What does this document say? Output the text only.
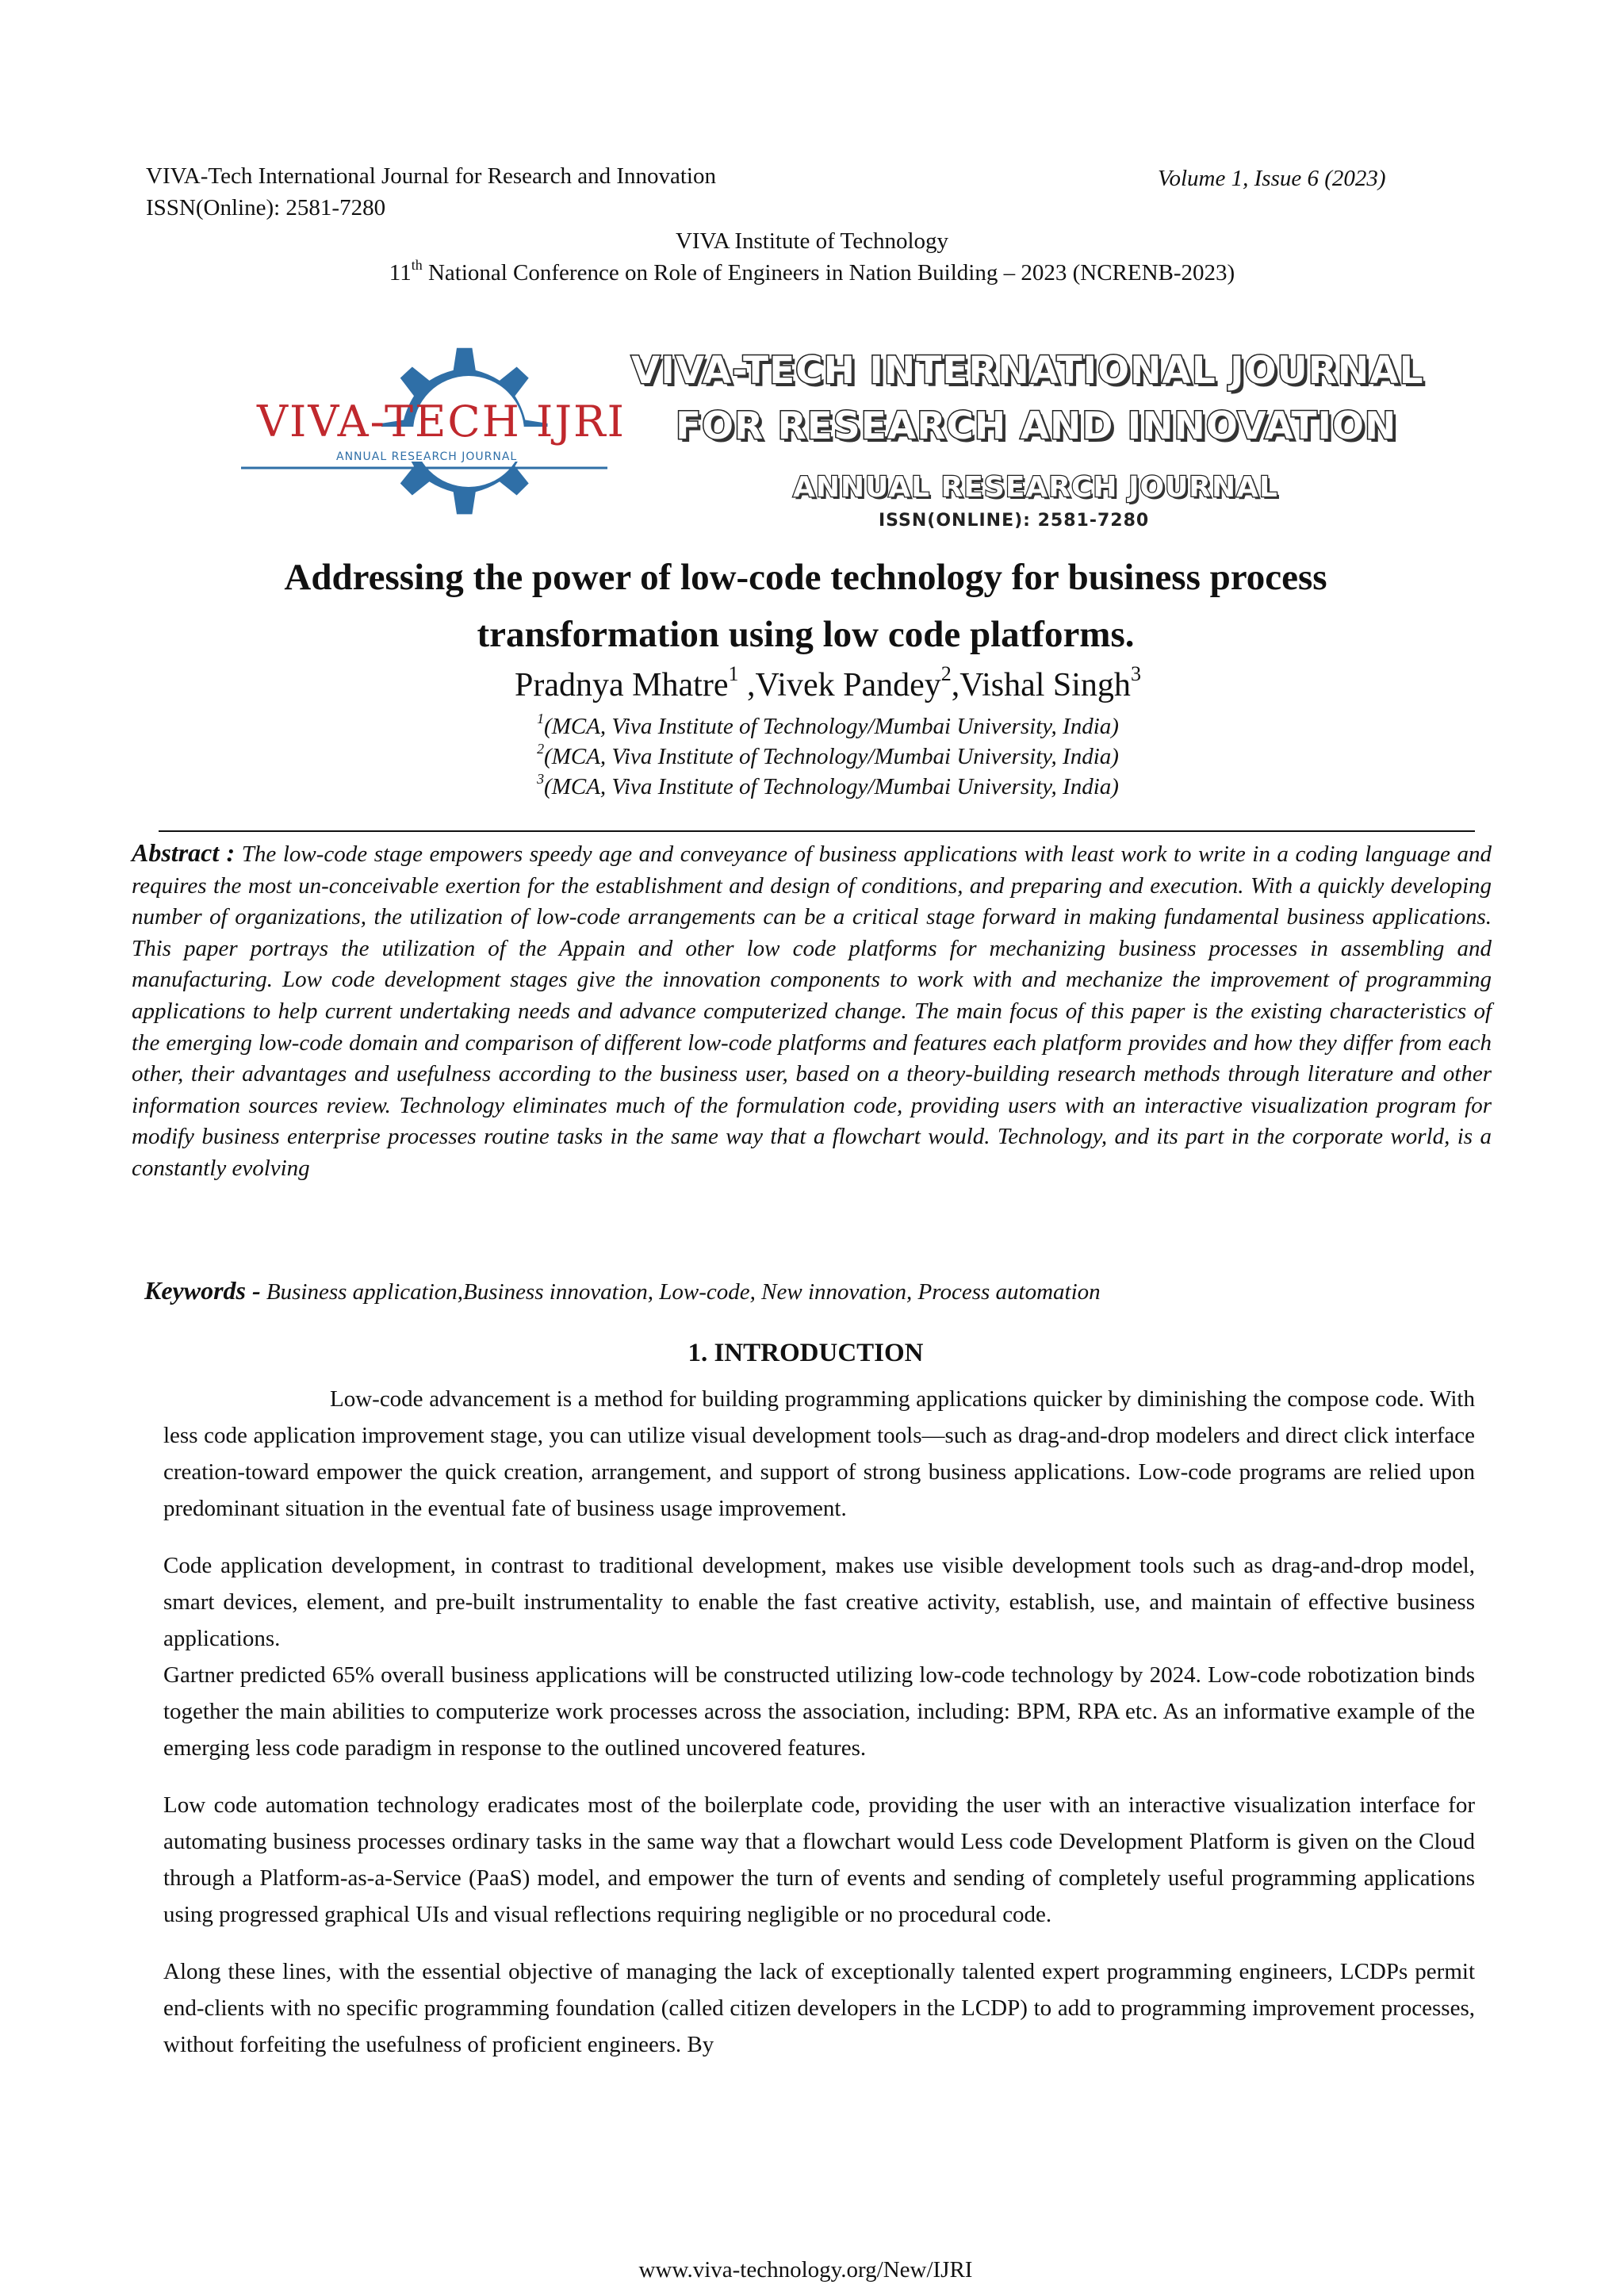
VIVA-Tech International Journal for Research and Innovation
ISSN(Online): 2581-7280
Volume 1, Issue 6 (2023)
VIVA Institute of Technology
11th National Conference on Role of Engineers in Nation Building – 2023 (NCRENB-2023)
VIVA-TECH IJRI
ANNUAL RESEARCH JOURNAL
VIVA-TECH INTERNATIONAL JOURNAL
FOR RESEARCH AND INNOVATION
ANNUAL RESEARCH JOURNAL
ISSN(ONLINE): 2581-7280
Addressing the power of low-code technology for business process
transformation using low code platforms.
Pradnya Mhatre$^1$ ,Vivek Pandey$^2$,Vishal Singh$^3$
$^1$(MCA, Viva Institute of Technology/Mumbai University, India)
$^2$(MCA, Viva Institute of Technology/Mumbai University, India)
$^3$(MCA, Viva Institute of Technology/Mumbai University, India)
Abstract : The low-code stage empowers speedy age and conveyance of business applications with least work to write in a coding language and requires the most un-conceivable exertion for the establishment and design of conditions, and preparing and execution. With a quickly developing number of organizations, the utilization of low-code arrangements can be a critical stage forward in making fundamental business applications. This paper portrays the utilization of the Appain and other low code platforms for mechanizing business processes in assembling and manufacturing. Low code development stages give the innovation components to work with and mechanize the improvement of programming applications to help current undertaking needs and advance computerized change. The main focus of this paper is the existing characteristics of the emerging low-code domain and comparison of different low-code platforms and features each platform provides and how they differ from each other, their advantages and usefulness according to the business user, based on a theory-building research methods through literature and other information sources review. Technology eliminates much of the formulation code, providing users with an interactive visualization program for modify business enterprise processes routine tasks in the same way that a flowchart would. Technology, and its part in the corporate world, is a constantly evolving
Keywords - Business application,Business innovation, Low-code, New innovation, Process automation
1. INTRODUCTION

Low-code advancement is a method for building programming applications quicker by diminishing the compose code. With less code application improvement stage, you can utilize visual development tools—such as drag-and-drop modelers and direct click interface creation-toward empower the quick creation, arrangement, and support of strong business applications. Low-code programs are relied upon predominant situation in the eventual fate of business usage improvement.

Code application development, in contrast to traditional development, makes use visible development tools such as drag-and-drop model, smart devices, element, and pre-built instrumentality to enable the fast creative activity, establish, use, and maintain of effective business applications.

Gartner predicted 65% overall business applications will be constructed utilizing low-code technology by 2024. Low-code robotization binds together the main abilities to computerize work processes across the association, including: BPM, RPA etc. As an informative example of the emerging less code paradigm in response to the outlined uncovered features.

Low code automation technology eradicates most of the boilerplate code, providing the user with an interactive visualization interface for automating business processes ordinary tasks in the same way that a flowchart would Less code Development Platform is given on the Cloud through a Platform-as-a-Service (PaaS) model, and empower the turn of events and sending of completely useful programming applications using progressed graphical UIs and visual reflections requiring negligible or no procedural code.

Along these lines, with the essential objective of managing the lack of exceptionally talented expert programming engineers, LCDPs permit end-clients with no specific programming foundation (called citizen developers in the LCDP) to add to programming improvement processes, without forfeiting the usefulness of proficient engineers. By

www.viva-technology.org/New/IJRI
